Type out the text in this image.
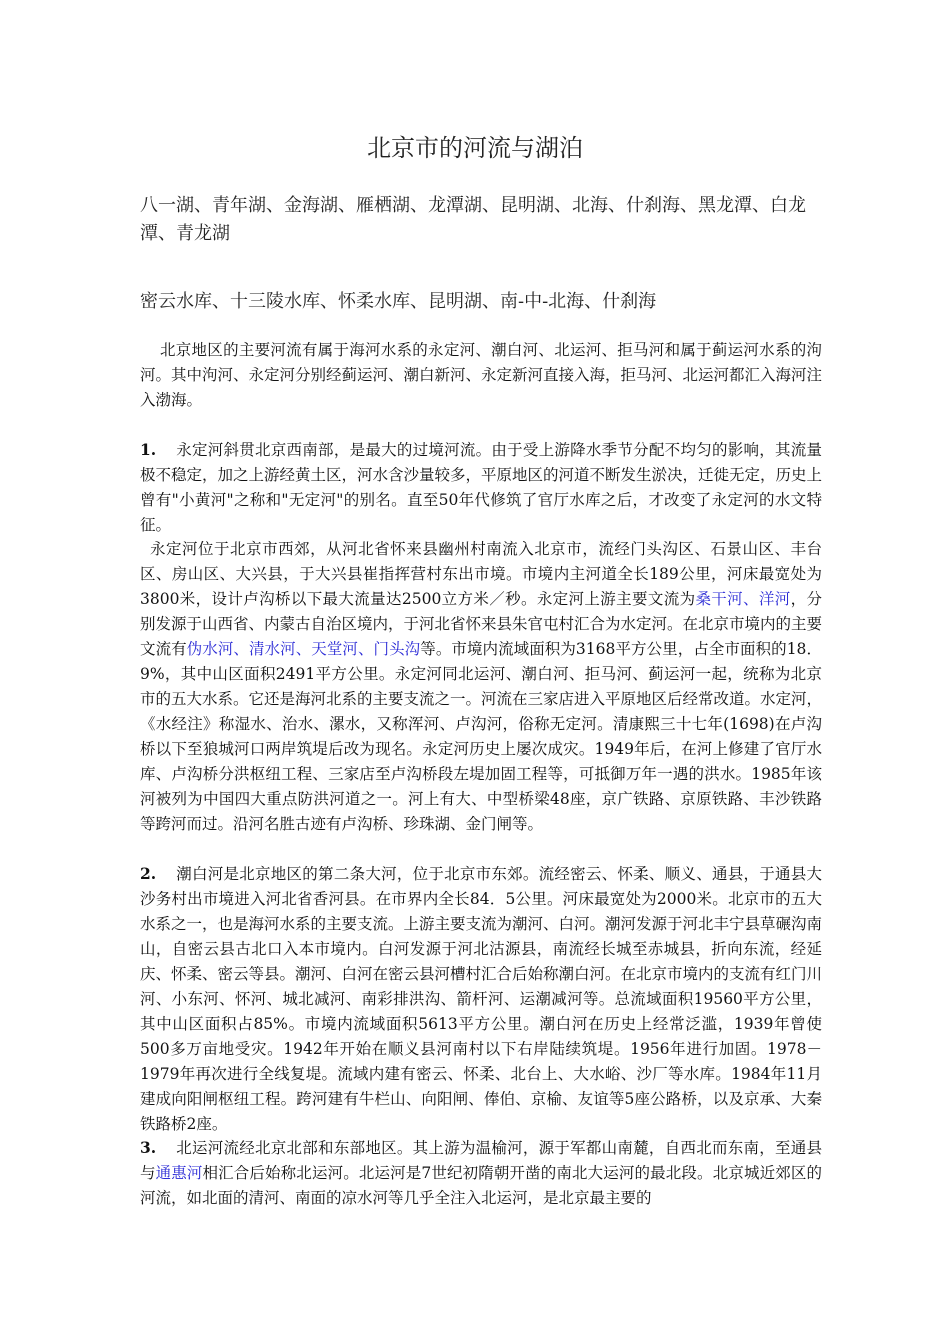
北京市的河流与湖泊
八一湖、青年湖、金海湖、雁栖湖、龙潭湖、昆明湖、北海、什刹海、黑龙潭、白龙潭、青龙湖
密云水库、十三陵水库、怀柔水库、昆明湖、南-中-北海、什刹海
北京地区的主要河流有属于海河水系的永定河、潮白河、北运河、拒马河和属于蓟运河水系的泃河。其中泃河、永定河分别经蓟运河、潮白新河、永定新河直接入海，拒马河、北运河都汇入海河注入渤海。
1. 永定河斜贯北京西南部，是最大的过境河流。由于受上游降水季节分配不均匀的影响，其流量极不稳定，加之上游经黄土区，河水含沙量较多，平原地区的河道不断发生淤决，迁徙无定，历史上曾有"小黄河"之称和"无定河"的别名。直至50年代修筑了官厅水库之后，才改变了永定河的水文特征。
永定河位于北京市西郊，从河北省怀来县幽州村南流入北京市，流经门头沟区、石景山区、丰台区、房山区、大兴县，于大兴县崔指挥营村东出市境。市境内主河道全长189公里，河床最宽处为3800米，设计卢沟桥以下最大流量达2500立方米／秒。永定河上游主要文流为桑干河、洋河，分别发源于山西省、内蒙古自治区境内，于河北省怀来县朱官屯村汇合为水定河。在北京市境内的主要文流有伪水河、清水河、天堂河、门头沟等。市境内流域面积为3168平方公里，占全市面积的18．9%，其中山区面积2491平方公里。永定河同北运河、潮白河、拒马河、蓟运河一起，统称为北京市的五大水系。它还是海河北系的主要支流之一。河流在三家店进入平原地区后经常改道。水定河，《水经注》称湿水、治水、漯水，又称浑河、卢沟河，俗称无定河。清康熙三十七年(1698)在卢沟桥以下至狼城河口两岸筑堤后改为现名。永定河历史上屡次成灾。1949年后，在河上修建了官厅水库、卢沟桥分洪枢纽工程、三家店至卢沟桥段左堤加固工程等，可抵御万年一遇的洪水。1985年该河被列为中国四大重点防洪河道之一。河上有大、中型桥梁48座，京广铁路、京原铁路、丰沙铁路等跨河而过。沿河名胜古迹有卢沟桥、珍珠湖、金门闸等。
2. 潮白河是北京地区的第二条大河，位于北京市东郊。流经密云、怀柔、顺义、通县，于通县大沙务村出市境进入河北省香河县。在市界内全长84．5公里。河床最宽处为2000米。北京市的五大水系之一，也是海河水系的主要支流。上游主要支流为潮河、白河。潮河发源于河北丰宁县草碾沟南山，自密云县古北口入本市境内。白河发源于河北沽源县，南流经长城至赤城县，折向东流，经延庆、怀柔、密云等县。潮河、白河在密云县河槽村汇合后始称潮白河。在北京市境内的支流有红门川河、小东河、怀河、城北减河、南彩排洪沟、箭杆河、运潮减河等。总流域面积19560平方公里，其中山区面积占85%。市境内流域面积5613平方公里。潮白河在历史上经常泛滥，1939年曾使500多万亩地受灾。1942年开始在顺义县河南村以下右岸陆续筑堤。1956年进行加固。1978－1979年再次进行全线复堤。流域内建有密云、怀柔、北台上、大水峪、沙厂等水库。1984年11月建成向阳闸枢纽工程。跨河建有牛栏山、向阳闸、俸伯、京榆、友谊等5座公路桥，以及京承、大秦铁路桥2座。
3. 北运河流经北京北部和东部地区。其上游为温榆河，源于军都山南麓，自西北而东南，至通县与通惠河相汇合后始称北运河。北运河是7世纪初隋朝开凿的南北大运河的最北段。北京城近郊区的河流，如北面的清河、南面的凉水河等几乎全注入北运河，是北京最主要的
